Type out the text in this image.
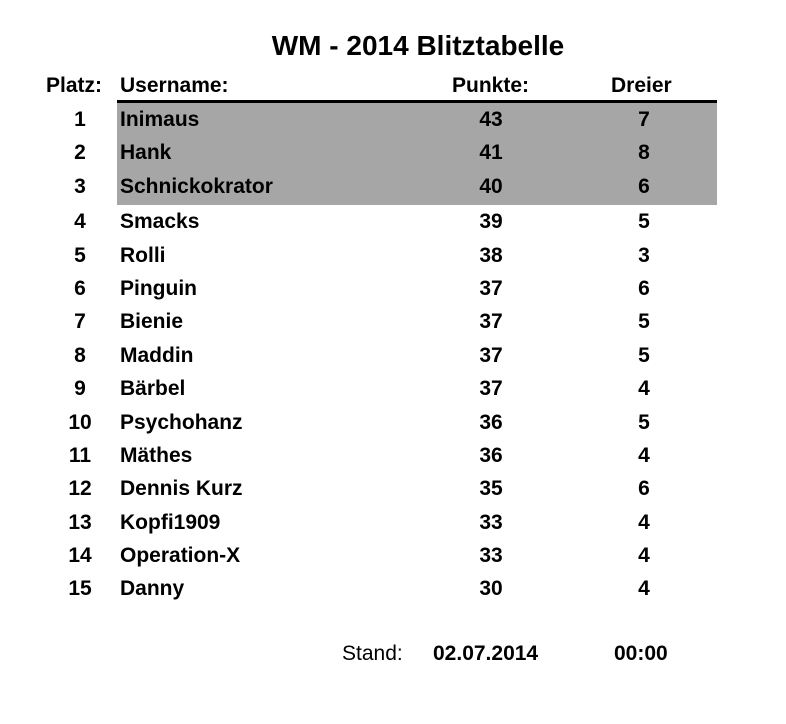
WM - 2014 Blitztabelle
Platz: Username:	Punkte:	Dreier
1	Inimaus	43	7
2	Hank	41	8
3	Schnickokrator	40	6
4	Smacks	39	5
5	Rolli	38	3
6	Pinguin	37	6
7	Bienie	37	5
8	Maddin	37	5
9	Bärbel	37	4
10	Psychohanz	36	5
11	Mäthes	36	4
12	Dennis Kurz	35	6
13	Kopfi1909	33	4
14	Operation-X	33	4
15	Danny	30	4
Stand: 02.07.2014	00:00
